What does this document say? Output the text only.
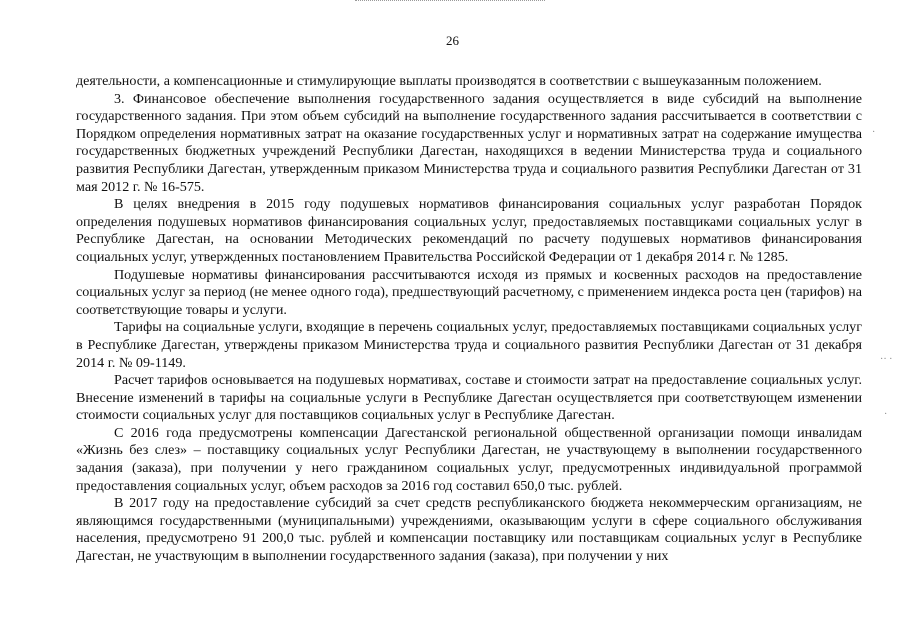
26

деятельности, а компенсационные и стимулирующие выплаты производятся в соответствии с вышеуказанным положением.

3. Финансовое обеспечение выполнения государственного задания осуществляется в виде субсидий на выполнение государственного задания. При этом объем субсидий на выполнение государственного задания рассчитывается в соответствии с Порядком определения нормативных затрат на оказание государственных услуг и нормативных затрат на содержание имущества государственных бюджетных учреждений Республики Дагестан, находящихся в ведении Министерства труда и социального развития Республики Дагестан, утвержденным приказом Министерства труда и социального развития Республики Дагестан от 31 мая 2012 г. № 16-575.

В целях внедрения в 2015 году подушевых нормативов финансирования социальных услуг разработан Порядок определения подушевых нормативов финансирования социальных услуг, предоставляемых поставщиками социальных услуг в Республике Дагестан, на основании Методических рекомендаций по расчету подушевых нормативов финансирования социальных услуг, утвержденных постановлением Правительства Российской Федерации от 1 декабря 2014 г. № 1285.

Подушевые нормативы финансирования рассчитываются исходя из прямых и косвенных расходов на предоставление социальных услуг за период (не менее одного года), предшествующий расчетному, с применением индекса роста цен (тарифов) на соответствующие товары и услуги.

Тарифы на социальные услуги, входящие в перечень социальных услуг, предоставляемых поставщиками социальных услуг в Республике Дагестан, утверждены приказом Министерства труда и социального развития Республики Дагестан от 31 декабря 2014 г. № 09-1149.

Расчет тарифов основывается на подушевых нормативах, составе и стоимости затрат на предоставление социальных услуг. Внесение изменений в тарифы на социальные услуги в Республике Дагестан осуществляется при соответствующем изменении стоимости социальных услуг для поставщиков социальных услуг в Республике Дагестан.

С 2016 года предусмотрены компенсации Дагестанской региональной общественной организации помощи инвалидам «Жизнь без слез» – поставщику социальных услуг Республики Дагестан, не участвующему в выполнении государственного задания (заказа), при получении у него гражданином социальных услуг, предусмотренных индивидуальной программой предоставления социальных услуг, объем расходов за 2016 год составил 650,0 тыс. рублей.

В 2017 году на предоставление субсидий за счет средств республиканского бюджета некоммерческим организациям, не являющимся государственными (муниципальными) учреждениями, оказывающим услуги в сфере социального обслуживания населения, предусмотрено 91 200,0 тыс. рублей и компенсации поставщику или поставщикам социальных услуг в Республике Дагестан, не участвующим в выполнении государственного задания (заказа), при получении у них

·
·· ·
·
